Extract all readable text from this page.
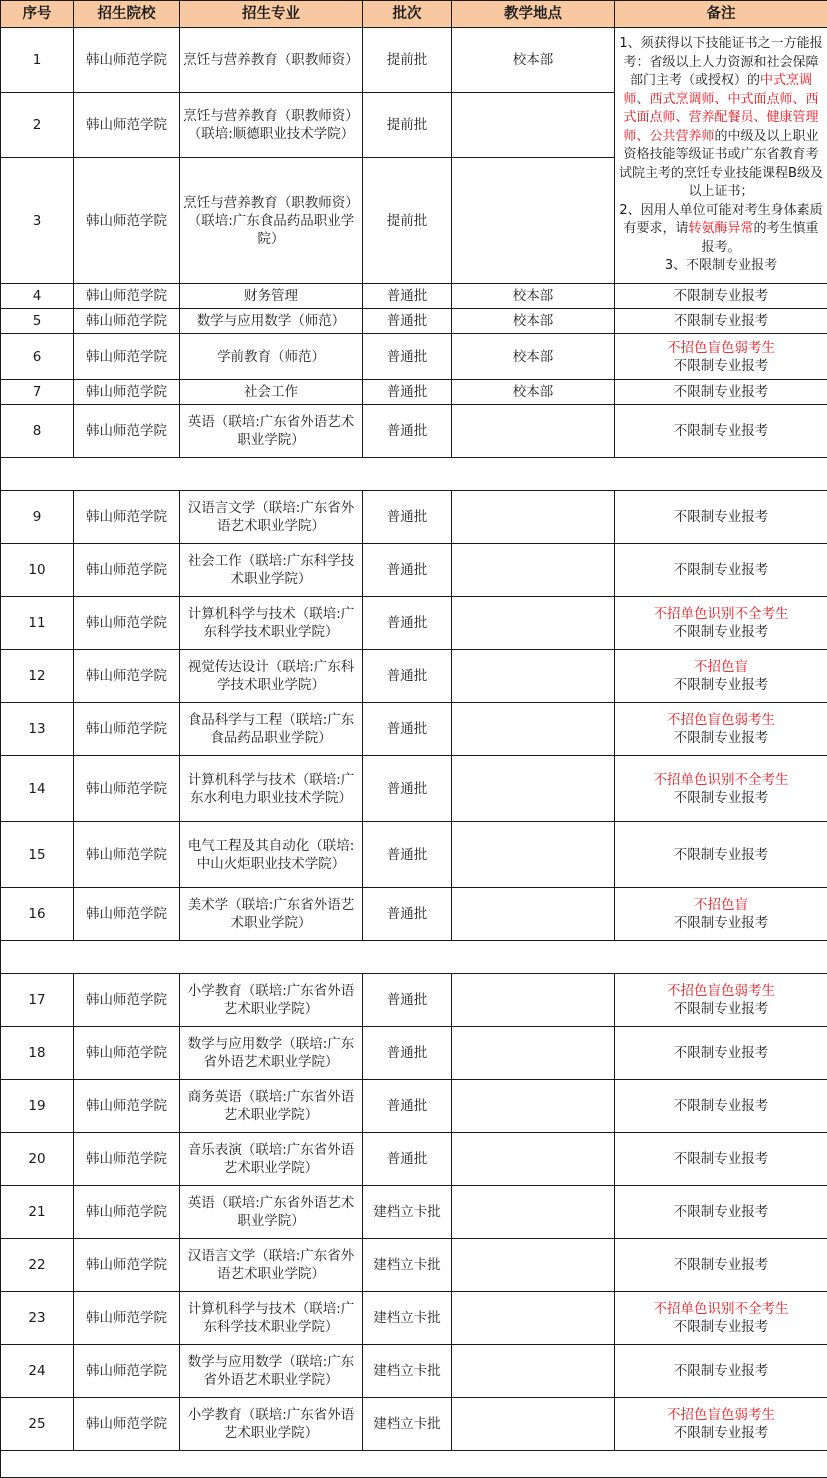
序号	招生院校	招生专业	批次	教学地点	备注
1	韩山师范学院	烹饪与营养教育（职教师资）	提前批	校本部	1、须获得以下技能证书之一方能报考：省级以上人力资源和社会保障部门主考（或授权）的中式烹调师、西式烹调师、中式面点师、西式面点师、营养配餐员、健康管理师、公共营养师的中级及以上职业资格技能等级证书或广东省教育考试院主考的烹饪专业技能课程B级及以上证书；
2、因用人单位可能对考生身体素质有要求，请转氨酶异常的考生慎重报考。
3、不限制专业报考
2	韩山师范学院	烹饪与营养教育（职教师资）（联培:顺德职业技术学院）	提前批		
3	韩山师范学院	烹饪与营养教育（职教师资）（联培:广东食品药品职业学院）	提前批		
4	韩山师范学院	财务管理	普通批	校本部	不限制专业报考

5	韩山师范学院	数学与应用数学（师范）	普通批	校本部	不限制专业报考

6	韩山师范学院	学前教育（师范）	普通批	校本部	不招色盲色弱考生
不限制专业报考

7	韩山师范学院	社会工作	普通批	校本部	不限制专业报考

8	韩山师范学院	英语（联培:广东省外语艺术职业学院）	普通批		不限制专业报考

9	韩山师范学院	汉语言文学（联培:广东省外语艺术职业学院）	普通批		不限制专业报考

10	韩山师范学院	社会工作（联培:广东科学技术职业学院）	普通批		不限制专业报考

11	韩山师范学院	计算机科学与技术（联培:广东科学技术职业学院）	普通批		不招单色识别不全考生
不限制专业报考

12	韩山师范学院	视觉传达设计（联培:广东科学技术职业学院）	普通批		不招色盲
不限制专业报考

13	韩山师范学院	食品科学与工程（联培:广东食品药品职业学院）	普通批		不招色盲色弱考生
不限制专业报考

14	韩山师范学院	计算机科学与技术（联培:广东水利电力职业技术学院）	普通批		不招单色识别不全考生
不限制专业报考

15	韩山师范学院	电气工程及其自动化（联培:中山火炬职业技术学院）	普通批		不限制专业报考

16	韩山师范学院	美术学（联培:广东省外语艺术职业学院）	普通批		不招色盲
不限制专业报考

17	韩山师范学院	小学教育（联培:广东省外语艺术职业学院）	普通批		不招色盲色弱考生
不限制专业报考

18	韩山师范学院	数学与应用数学（联培:广东省外语艺术职业学院）	普通批		不限制专业报考

19	韩山师范学院	商务英语（联培:广东省外语艺术职业学院）	普通批		不限制专业报考

20	韩山师范学院	音乐表演（联培:广东省外语艺术职业学院）	普通批		不限制专业报考

21	韩山师范学院	英语（联培:广东省外语艺术职业学院）	建档立卡批		不限制专业报考

22	韩山师范学院	汉语言文学（联培:广东省外语艺术职业学院）	建档立卡批		不限制专业报考

23	韩山师范学院	计算机科学与技术（联培:广东科学技术职业学院）	建档立卡批		不招单色识别不全考生
不限制专业报考

24	韩山师范学院	数学与应用数学（联培:广东省外语艺术职业学院）	建档立卡批		不限制专业报考

25	韩山师范学院	小学教育（联培:广东省外语艺术职业学院）	建档立卡批		不招色盲色弱考生
不限制专业报考
